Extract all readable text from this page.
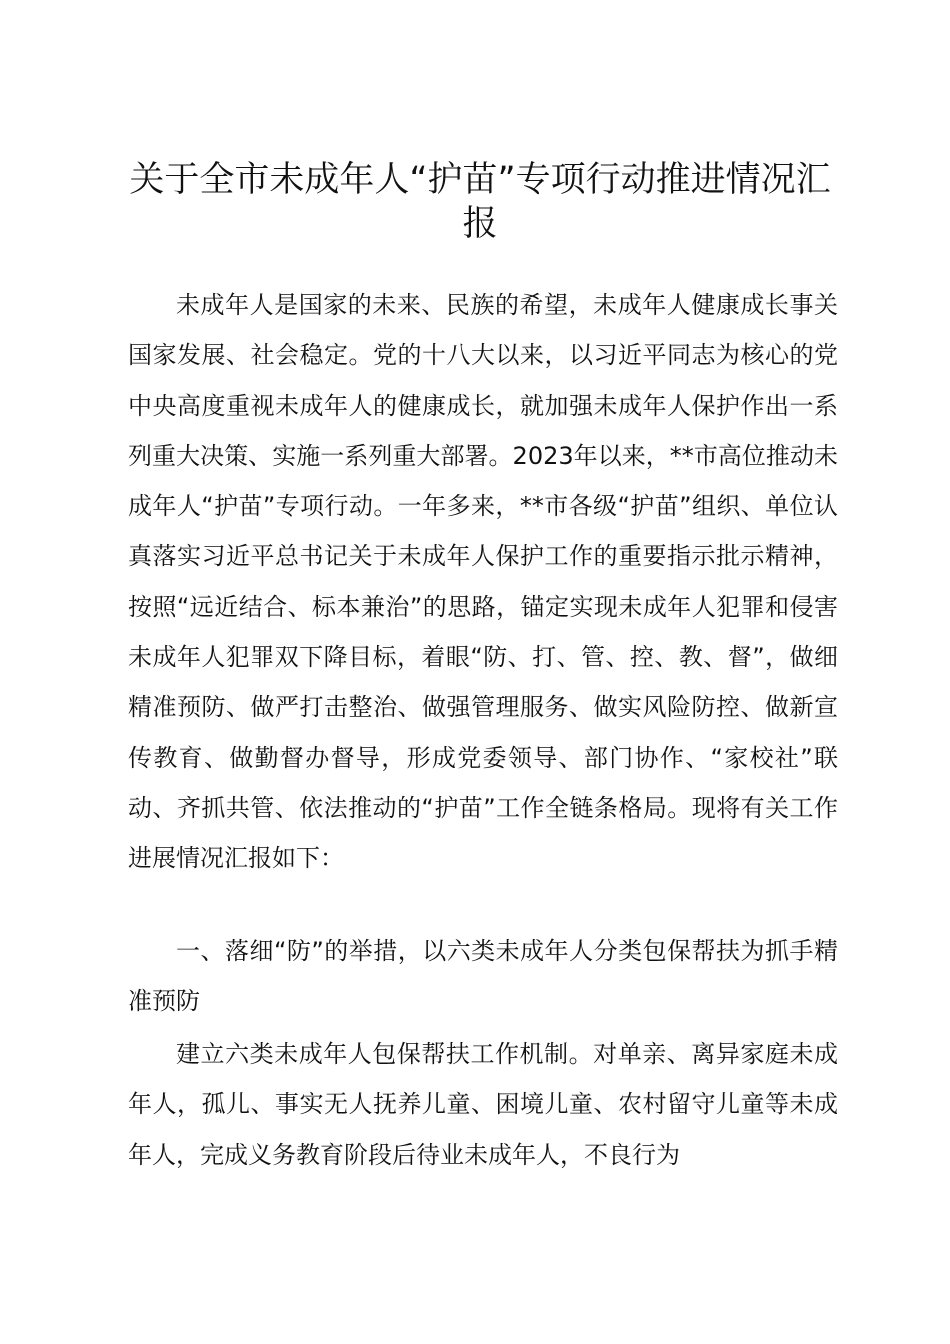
关于全市未成年人“护苗”专项行动推进情况汇报

未成年人是国家的未来、民族的希望，未成年人健康成长事关国家发展、社会稳定。党的十八大以来，以习近平同志为核心的党中央高度重视未成年人的健康成长，就加强未成年人保护作出一系列重大决策、实施一系列重大部署。2023年以来，**市高位推动未成年人“护苗”专项行动。一年多来，**市各级“护苗”组织、单位认真落实习近平总书记关于未成年人保护工作的重要指示批示精神，按照“远近结合、标本兼治”的思路，锚定实现未成年人犯罪和侵害未成年人犯罪双下降目标，着眼“防、打、管、控、教、督”，做细精准预防、做严打击整治、做强管理服务、做实风险防控、做新宣传教育、做勤督办督导，形成党委领导、部门协作、“家校社”联动、齐抓共管、依法推动的“护苗”工作全链条格局。现将有关工作进展情况汇报如下：

一、落细“防”的举措，以六类未成年人分类包保帮扶为抓手精准预防

建立六类未成年人包保帮扶工作机制。对单亲、离异家庭未成年人，孤儿、事实无人抚养儿童、困境儿童、农村留守儿童等未成年人，完成义务教育阶段后待业未成年人，不良行为
